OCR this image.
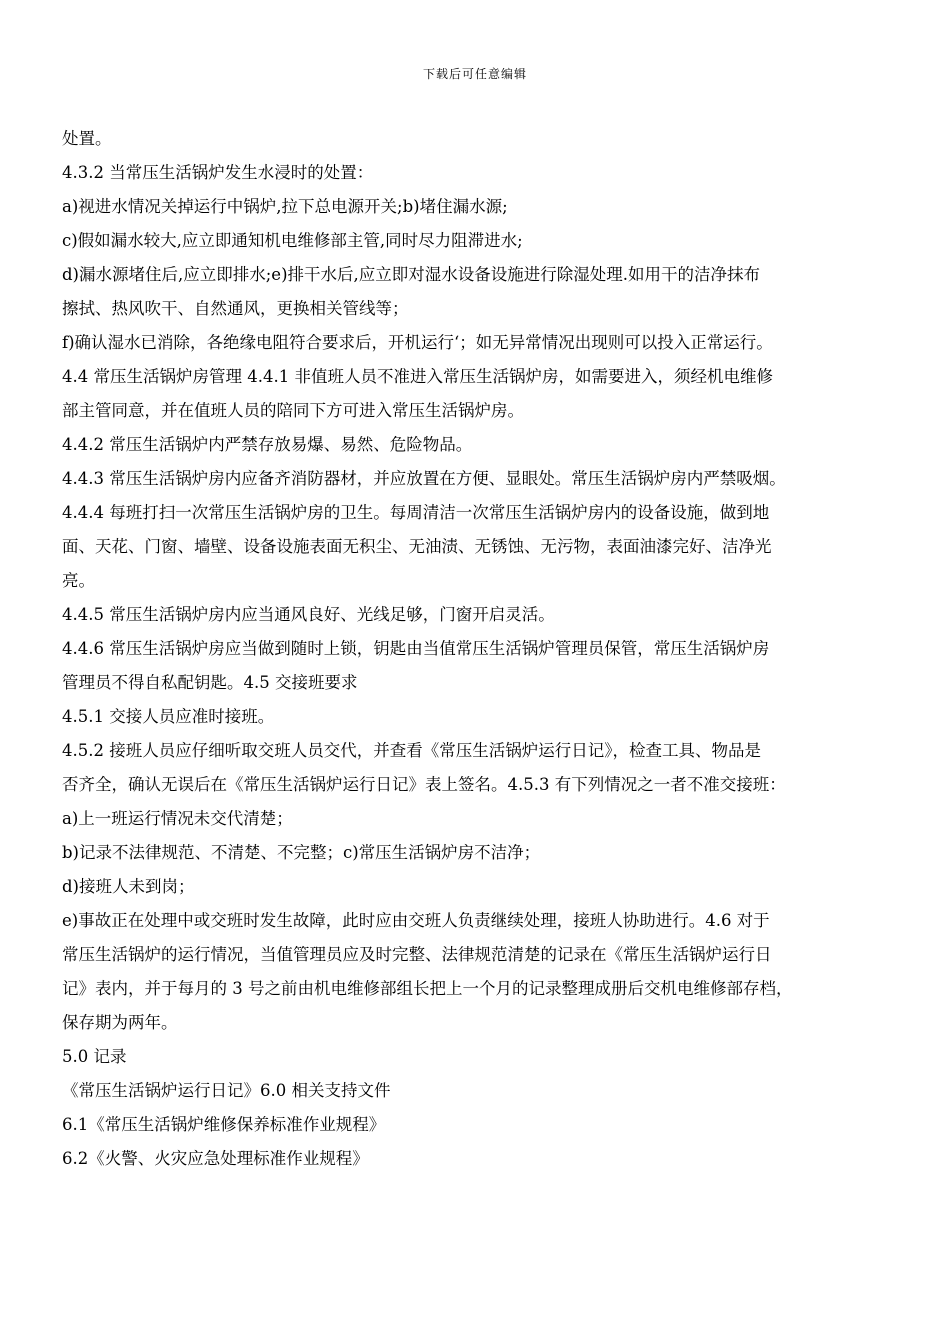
下载后可任意编辑
处置。
4.3.2 当常压生活锅炉发生水浸时的处置：
a)视进水情况关掉运行中锅炉,拉下总电源开关;b)堵住漏水源;
c)假如漏水较大,应立即通知机电维修部主管,同时尽力阻滞进水;
d)漏水源堵住后,应立即排水;e)排干水后,应立即对湿水设备设施进行除湿处理.如用干的洁净抹布
擦拭、热风吹干、自然通风，更换相关管线等；
f)确认湿水已消除，各绝缘电阻符合要求后，开机运行‘；如无异常情况出现则可以投入正常运行。
4.4 常压生活锅炉房管理 4.4.1 非值班人员不准进入常压生活锅炉房，如需要进入，须经机电维修
部主管同意，并在值班人员的陪同下方可进入常压生活锅炉房。
4.4.2 常压生活锅炉内严禁存放易爆、易然、危险物品。
4.4.3 常压生活锅炉房内应备齐消防器材，并应放置在方便、显眼处。常压生活锅炉房内严禁吸烟。
4.4.4 每班打扫一次常压生活锅炉房的卫生。每周清洁一次常压生活锅炉房内的设备设施，做到地
面、天花、门窗、墙壁、设备设施表面无积尘、无油渍、无锈蚀、无污物，表面油漆完好、洁净光
亮。
4.4.5 常压生活锅炉房内应当通风良好、光线足够，门窗开启灵活。
4.4.6 常压生活锅炉房应当做到随时上锁，钥匙由当值常压生活锅炉管理员保管，常压生活锅炉房
管理员不得自私配钥匙。4.5 交接班要求
4.5.1 交接人员应准时接班。
4.5.2 接班人员应仔细听取交班人员交代，并查看《常压生活锅炉运行日记》，检查工具、物品是
否齐全，确认无误后在《常压生活锅炉运行日记》表上签名。4.5.3 有下列情况之一者不准交接班：
a)上一班运行情况未交代清楚；
b)记录不法律规范、不清楚、不完整；c)常压生活锅炉房不洁净；
d)接班人未到岗；
e)事故正在处理中或交班时发生故障，此时应由交班人负责继续处理，接班人协助进行。4.6 对于
常压生活锅炉的运行情况，当值管理员应及时完整、法律规范清楚的记录在《常压生活锅炉运行日
记》表内，并于每月的 3 号之前由机电维修部组长把上一个月的记录整理成册后交机电维修部存档，
保存期为两年。
5.0 记录
《常压生活锅炉运行日记》6.0 相关支持文件
6.1《常压生活锅炉维修保养标准作业规程》
6.2《火警、火灾应急处理标准作业规程》
